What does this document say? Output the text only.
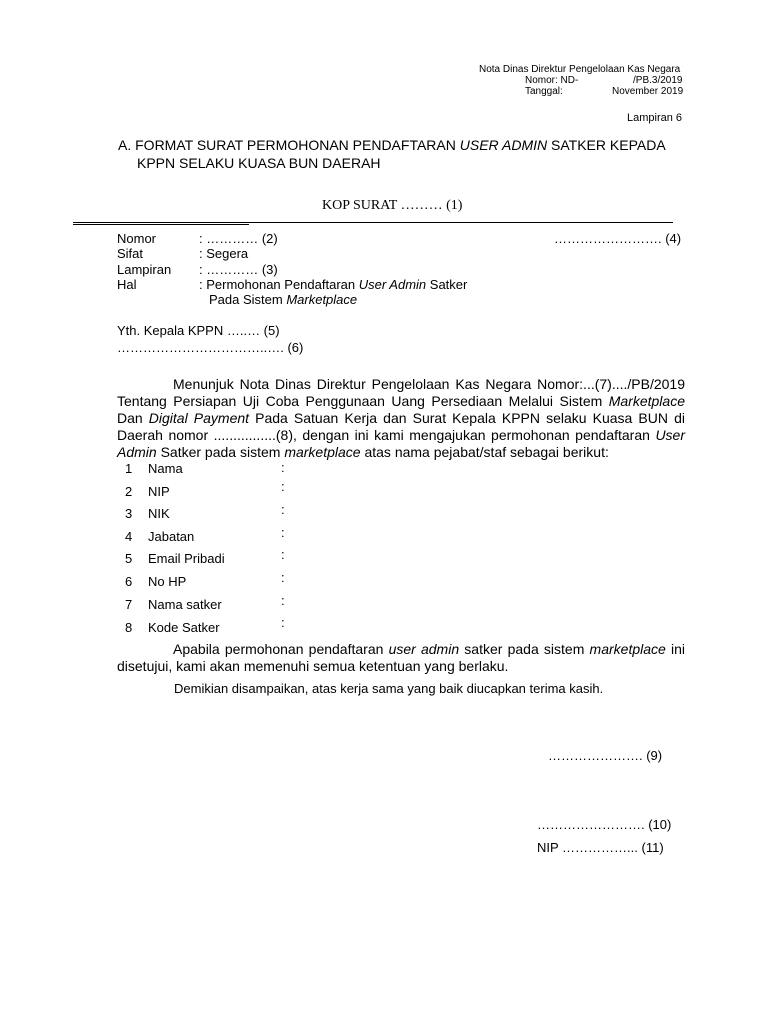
Nota Dinas Direktur Pengelolaan Kas Negara
Nomor: ND-	/PB.3/2019
Tanggal:	November 2019
Lampiran 6
A. FORMAT SURAT PERMOHONAN PENDAFTARAN USER ADMIN SATKER KEPADA
KPPN SELAKU KUASA BUN DAERAH
KOP SURAT ……… (1)
Nomor	: ………… (2)	……………………. (4)
Sifat	: Segera
Lampiran : ………… (3)
Hal	: Permohonan Pendaftaran User Admin Satker
Pada Sistem Marketplace
Yth. Kepala KPPN …..… (5)
……………………………..…. (6)
Menunjuk Nota Dinas Direktur Pengelolaan Kas Negara Nomor:...(7)..../PB/2019 Tentang Persiapan Uji Coba Penggunaan Uang Persediaan Melalui Sistem Marketplace Dan Digital Payment Pada Satuan Kerja dan Surat Kepala KPPN selaku Kuasa BUN di Daerah nomor ................(8), dengan ini kami mengajukan permohonan pendaftaran User Admin Satker pada sistem marketplace atas nama pejabat/staf sebagai berikut:
1 Nama	:
2 NIP	:
3 NIK	:
4 Jabatan	:
5 Email Pribadi	:
6 No HP	:
7 Nama satker	:
8 Kode Satker	:
Apabila permohonan pendaftaran user admin satker pada sistem marketplace ini disetujui, kami akan memenuhi semua ketentuan yang berlaku.
Demikian disampaikan, atas kerja sama yang baik diucapkan terima kasih.
…………………. (9)
……………………. (10)
NIP ……………... (11)
